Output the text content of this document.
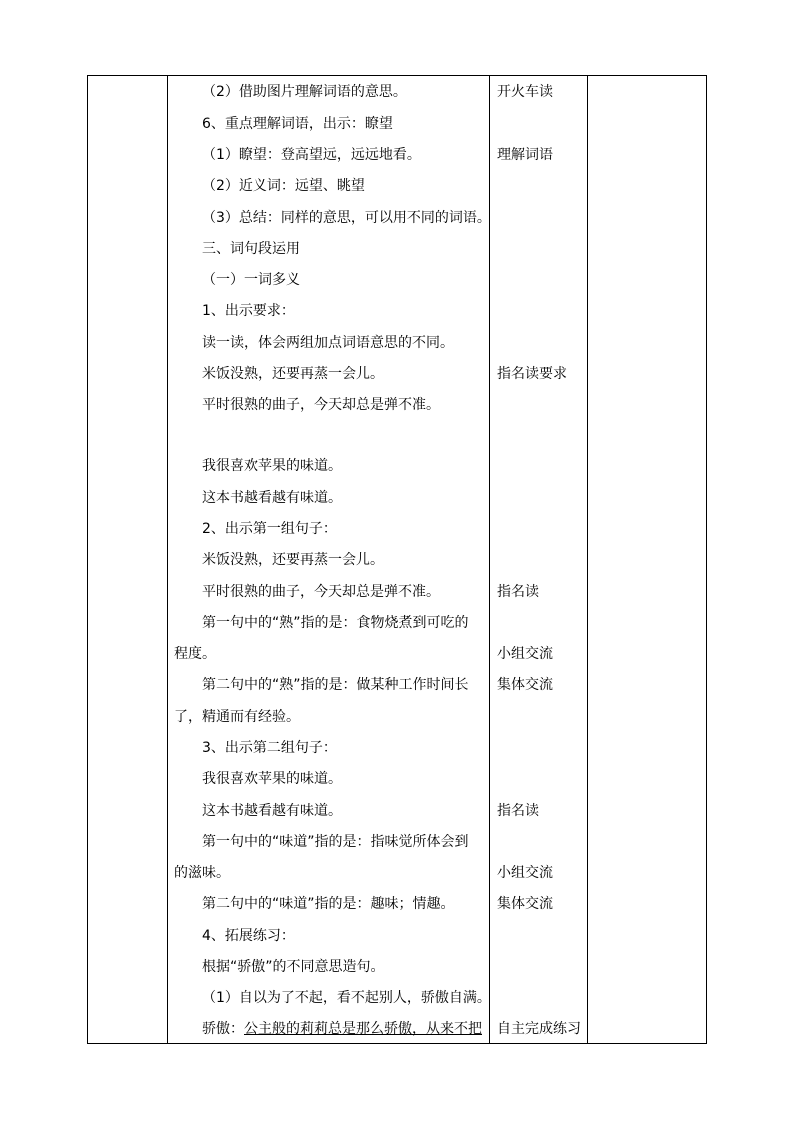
（2）借助图片理解词语的意思。
6、重点理解词语，出示：瞭望
（1）瞭望：登高望远，远远地看。
（2）近义词：远望、眺望
（3）总结：同样的意思，可以用不同的词语。
三、词句段运用
（一）一词多义
1、出示要求：
读一读，体会两组加点词语意思的不同。
米饭没熟，还要再蒸一会儿。
平时很熟的曲子，今天却总是弹不准。
我很喜欢苹果的味道。
这本书越看越有味道。
2、出示第一组句子：
米饭没熟，还要再蒸一会儿。
平时很熟的曲子，今天却总是弹不准。
第一句中的“熟”指的是：食物烧煮到可吃的
程度。
第二句中的“熟”指的是：做某种工作时间长
了，精通而有经验。
3、出示第二组句子：
我很喜欢苹果的味道。
这本书越看越有味道。
第一句中的“味道”指的是：指味觉所体会到
的滋味。
第二句中的“味道”指的是：趣味；情趣。
4、拓展练习：
根据“骄傲”的不同意思造句。
（1）自以为了不起，看不起别人，骄傲自满。
骄傲：公主般的莉莉总是那么骄傲，从来不把
开火车读
理解词语
指名读要求
指名读
小组交流
集体交流
指名读
小组交流
集体交流
自主完成练习
